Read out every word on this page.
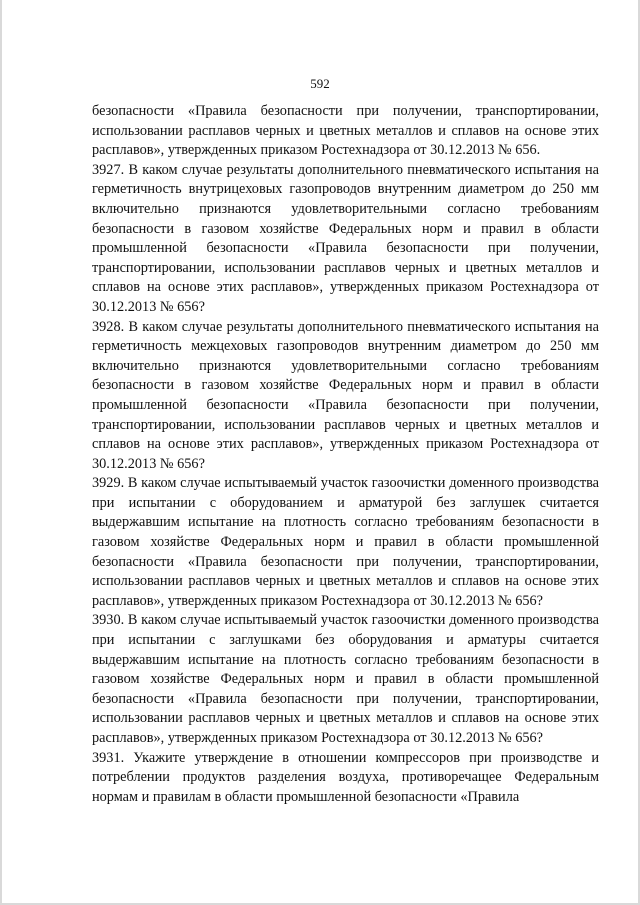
592

безопасности «Правила безопасности при получении, транспортировании, использовании расплавов черных и цветных металлов и сплавов на основе этих расплавов», утвержденных приказом Ростехнадзора от 30.12.2013 № 656.

3927. В каком случае результаты дополнительного пневматического испытания на герметичность внутрицеховых газопроводов внутренним диаметром до 250 мм включительно признаются удовлетворительными согласно требованиям безопасности в газовом хозяйстве Федеральных норм и правил в области промышленной безопасности «Правила безопасности при получении, транспортировании, использовании расплавов черных и цветных металлов и сплавов на основе этих расплавов», утвержденных приказом Ростехнадзора от 30.12.2013 № 656?

3928. В каком случае результаты дополнительного пневматического испытания на герметичность межцеховых газопроводов внутренним диаметром до 250 мм включительно признаются удовлетворительными согласно требованиям безопасности в газовом хозяйстве Федеральных норм и правил в области промышленной безопасности «Правила безопасности при получении, транспортировании, использовании расплавов черных и цветных металлов и сплавов на основе этих расплавов», утвержденных приказом Ростехнадзора от 30.12.2013 № 656?

3929. В каком случае испытываемый участок газоочистки доменного производства при испытании с оборудованием и арматурой без заглушек считается выдержавшим испытание на плотность согласно требованиям безопасности в газовом хозяйстве Федеральных норм и правил в области промышленной безопасности «Правила безопасности при получении, транспортировании, использовании расплавов черных и цветных металлов и сплавов на основе этих расплавов», утвержденных приказом Ростехнадзора от 30.12.2013 № 656?

3930. В каком случае испытываемый участок газоочистки доменного производства при испытании с заглушками без оборудования и арматуры считается выдержавшим испытание на плотность согласно требованиям безопасности в газовом хозяйстве Федеральных норм и правил в области промышленной безопасности «Правила безопасности при получении, транспортировании, использовании расплавов черных и цветных металлов и сплавов на основе этих расплавов», утвержденных приказом Ростехнадзора от 30.12.2013 № 656?

3931. Укажите утверждение в отношении компрессоров при производстве и потреблении продуктов разделения воздуха, противоречащее Федеральным нормам и правилам в области промышленной безопасности «Правила
